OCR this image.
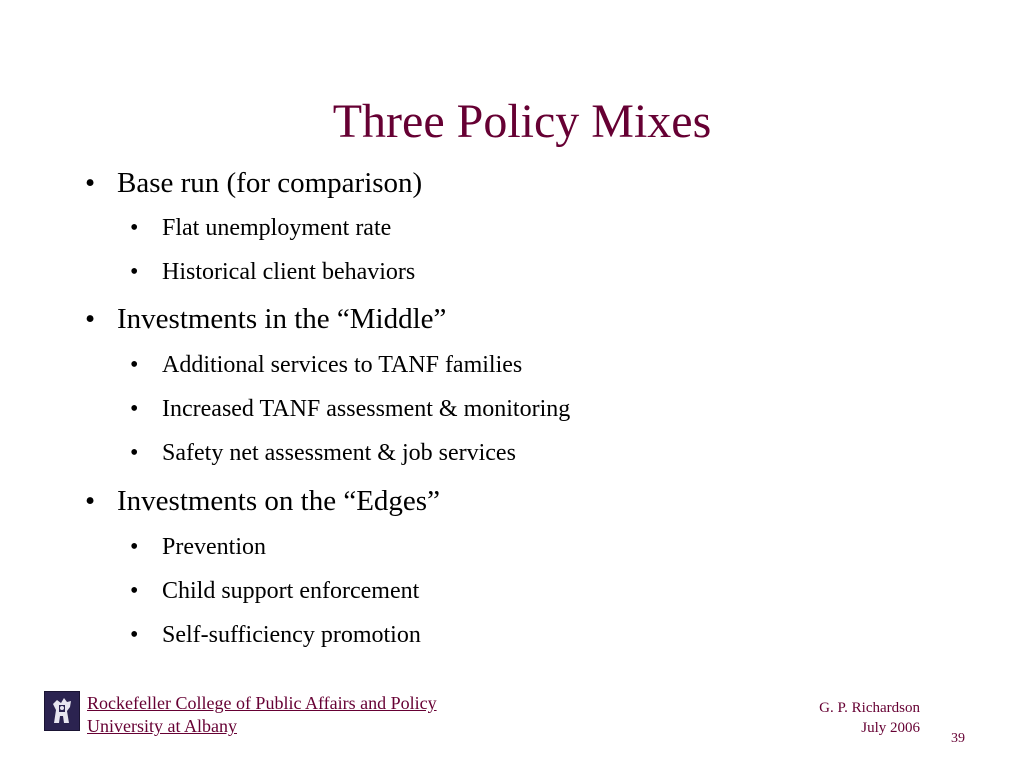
Three Policy Mixes
• Base run (for comparison)
• Flat unemployment rate
• Historical client behaviors
• Investments in the “Middle”
• Additional services to TANF families
• Increased TANF assessment & monitoring
• Safety net assessment & job services
• Investments on the “Edges”
• Prevention
• Child support enforcement
• Self-sufficiency promotion
Rockefeller College of Public Affairs and Policy
University at Albany
G. P. Richardson
July 2006
39
